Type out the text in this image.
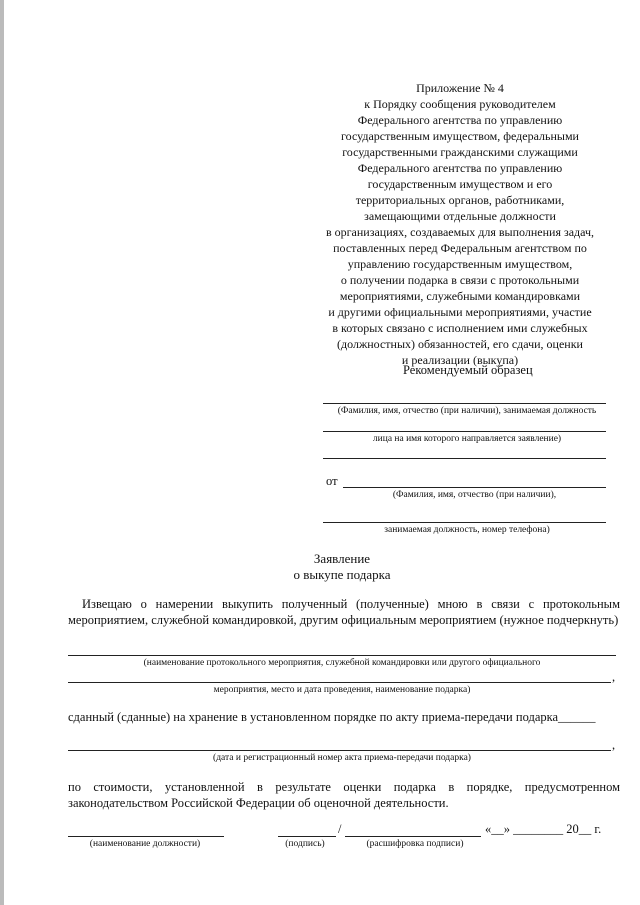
Приложение № 4
к Порядку сообщения руководителем
Федерального агентства по управлению
государственным имуществом, федеральными
государственными гражданскими служащими
Федерального агентства по управлению
государственным имуществом и его
территориальных органов, работниками,
замещающими отдельные должности
в организациях, создаваемых для выполнения задач,
поставленных перед Федеральным агентством по
управлению государственным имуществом,
о получении подарка в связи с протокольными
мероприятиями, служебными командировками
и другими официальными мероприятиями, участие
в которых связано с исполнением ими служебных
(должностных) обязанностей, его сдачи, оценки
и реализации (выкупа)
Рекомендуемый образец
(Фамилия, имя, отчество (при наличии), занимаемая должность
лица на имя которого направляется заявление)
от
(Фамилия, имя, отчество (при наличии),
занимаемая должность, номер телефона)
Заявление
о выкупе подарка
Извещаю о намерении выкупить полученный (полученные) мною в связи с протокольным мероприятием, служебной командировкой, другим официальным мероприятием (нужное подчеркнуть)
(наименование протокольного мероприятия, служебной командировки или другого официального
,
мероприятия, место и дата проведения, наименование подарка)
сданный (сданные) на хранение в установленном порядке по акту приема-передачи подарка______
,
(дата и регистрационный номер акта приема-передачи подарка)
по стоимости, установленной в результате оценки подарка в порядке, предусмотренном законодательством Российской Федерации об оценочной деятельности.
(наименование должности)
/
(подпись)	(расшифровка подписи)
«__» ________ 20__ г.
